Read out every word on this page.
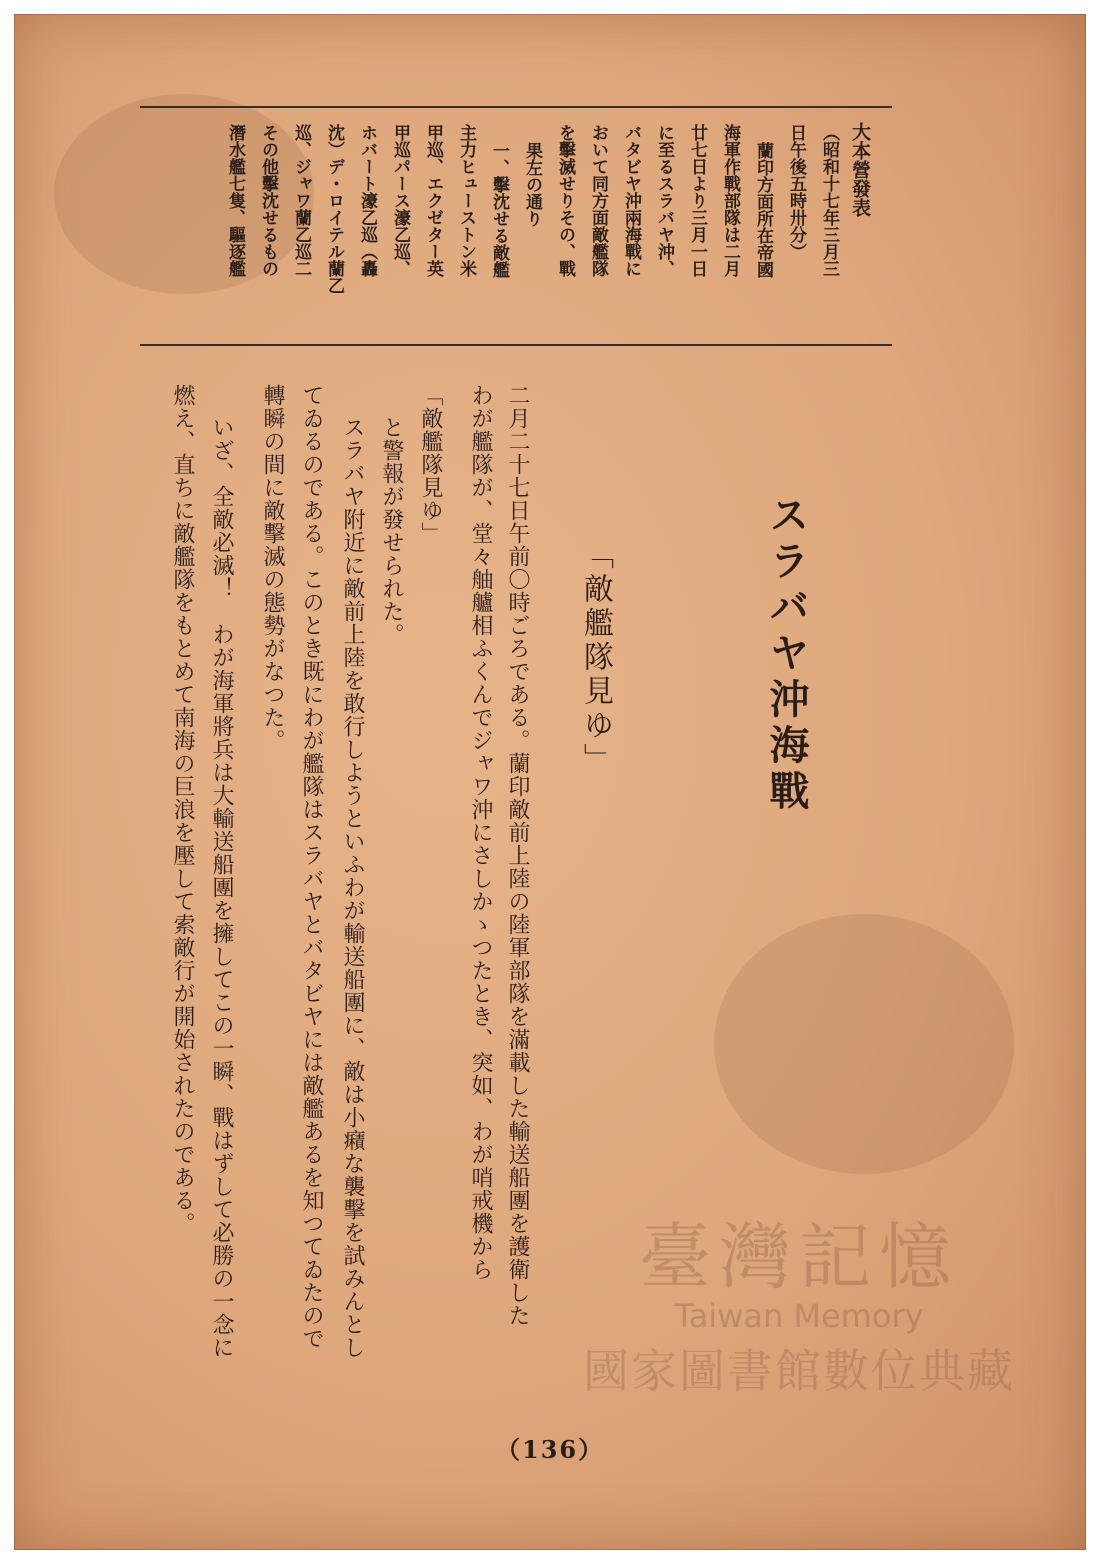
大本營發表
（昭和十七年三月三
日午後五時卅分）
蘭印方面所在帝國
海軍作戰部隊は二月
廿七日より三月一日
に至るスラバヤ沖、
バタビヤ沖兩海戰に
おいて同方面敵艦隊
を擊滅せりその、戰
果左の通り
一、擊沈せる敵艦
主力ヒューストン米
甲巡、エクゼター英
甲巡パース濠乙巡、
ホバート濠乙巡（轟
沈）デ・ロイテル蘭乙
巡、ジャワ蘭乙巡二
その他擊沈せるもの
潛水艦七隻、驅逐艦
スラバヤ沖海戰
「敵艦隊見ゆ」
二月二十七日午前〇時ごろである。蘭印敵前上陸の陸軍部隊を滿載した輸送船團を護衛した
わが艦隊が、堂々舳艫相ふくんでジャワ沖にさしかゝつたとき、突如、わが哨戒機から
「敵艦隊見ゆ」
と警報が發せられた。
スラバヤ附近に敵前上陸を敢行しようといふわが輸送船團に、敵は小癪な襲擊を試みんとし
てゐるのである。このとき既にわが艦隊はスラバヤとバタビヤには敵艦あるを知つてゐたので
轉瞬の間に敵擊滅の態勢がなつた。
いざ、全敵必滅！　わが海軍將兵は大輸送船團を擁してこの一瞬、戰はずして必勝の一念に
燃え、直ちに敵艦隊をもとめて南海の巨浪を壓して索敵行が開始されたのである。
臺灣記憶
Taiwan Memory
國家圖書館數位典藏
（136）
